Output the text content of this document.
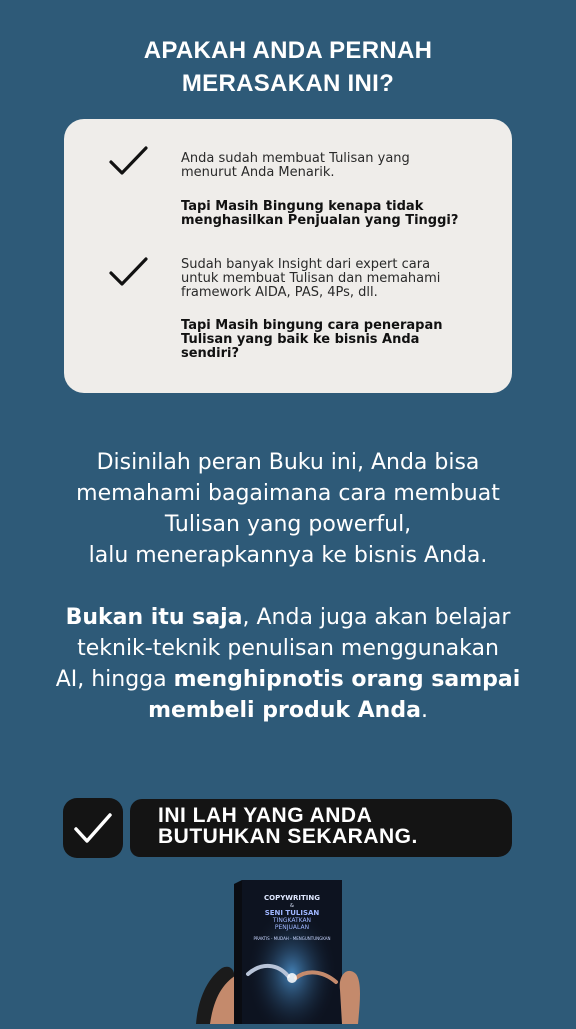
APAKAH ANDA PERNAH
MERASAKAN INI?
Anda sudah membuat Tulisan yang
menurut Anda Menarik.
Tapi Masih Bingung kenapa tidak
menghasilkan Penjualan yang Tinggi?
Sudah banyak Insight dari expert cara
untuk membuat Tulisan dan memahami
framework AIDA, PAS, 4Ps, dll.
Tapi Masih bingung cara penerapan
Tulisan yang baik ke bisnis Anda
sendiri?
Disinilah peran Buku ini, Anda bisa
memahami bagaimana cara membuat
Tulisan yang powerful,
lalu menerapkannya ke bisnis Anda.
Bukan itu saja, Anda juga akan belajar
teknik-teknik penulisan menggunakan
AI, hingga menghipnotis orang sampai
membeli produk Anda.
INI LAH YANG ANDA
BUTUHKAN SEKARANG.
COPYWRITING
&
SENI TULISAN
TINGKATKAN
PENJUALAN
PRAKTIS - MUDAH - MENGUNTUNGKAN
